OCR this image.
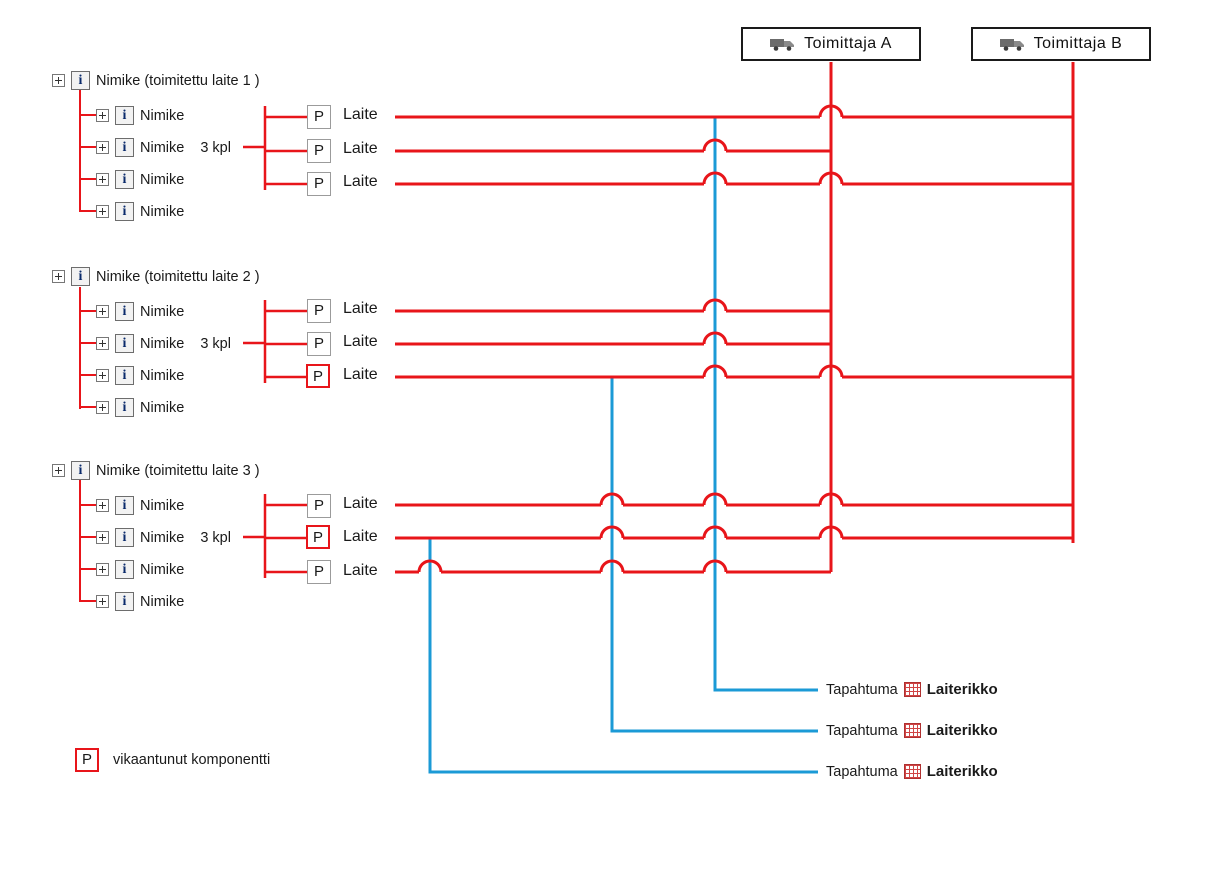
Toimittaja A	Toimittaja B
i Nimike (toimitettu laite 1 )
i Nimike
i Nimike 3 kpl
i Nimike
i Nimike
P	Laite
P	Laite
P	Laite
i Nimike (toimitettu laite 2 )
i Nimike
i Nimike 3 kpl
i Nimike
i Nimike
P	Laite
P	Laite
P	Laite
i Nimike (toimitettu laite 3 )
i Nimike
i Nimike 3 kpl
i Nimike
i Nimike
P	Laite
P	Laite
P	Laite
Tapahtuma Laiterikko
Tapahtuma Laiterikko
Tapahtuma Laiterikko
P	vikaantunut komponentti
